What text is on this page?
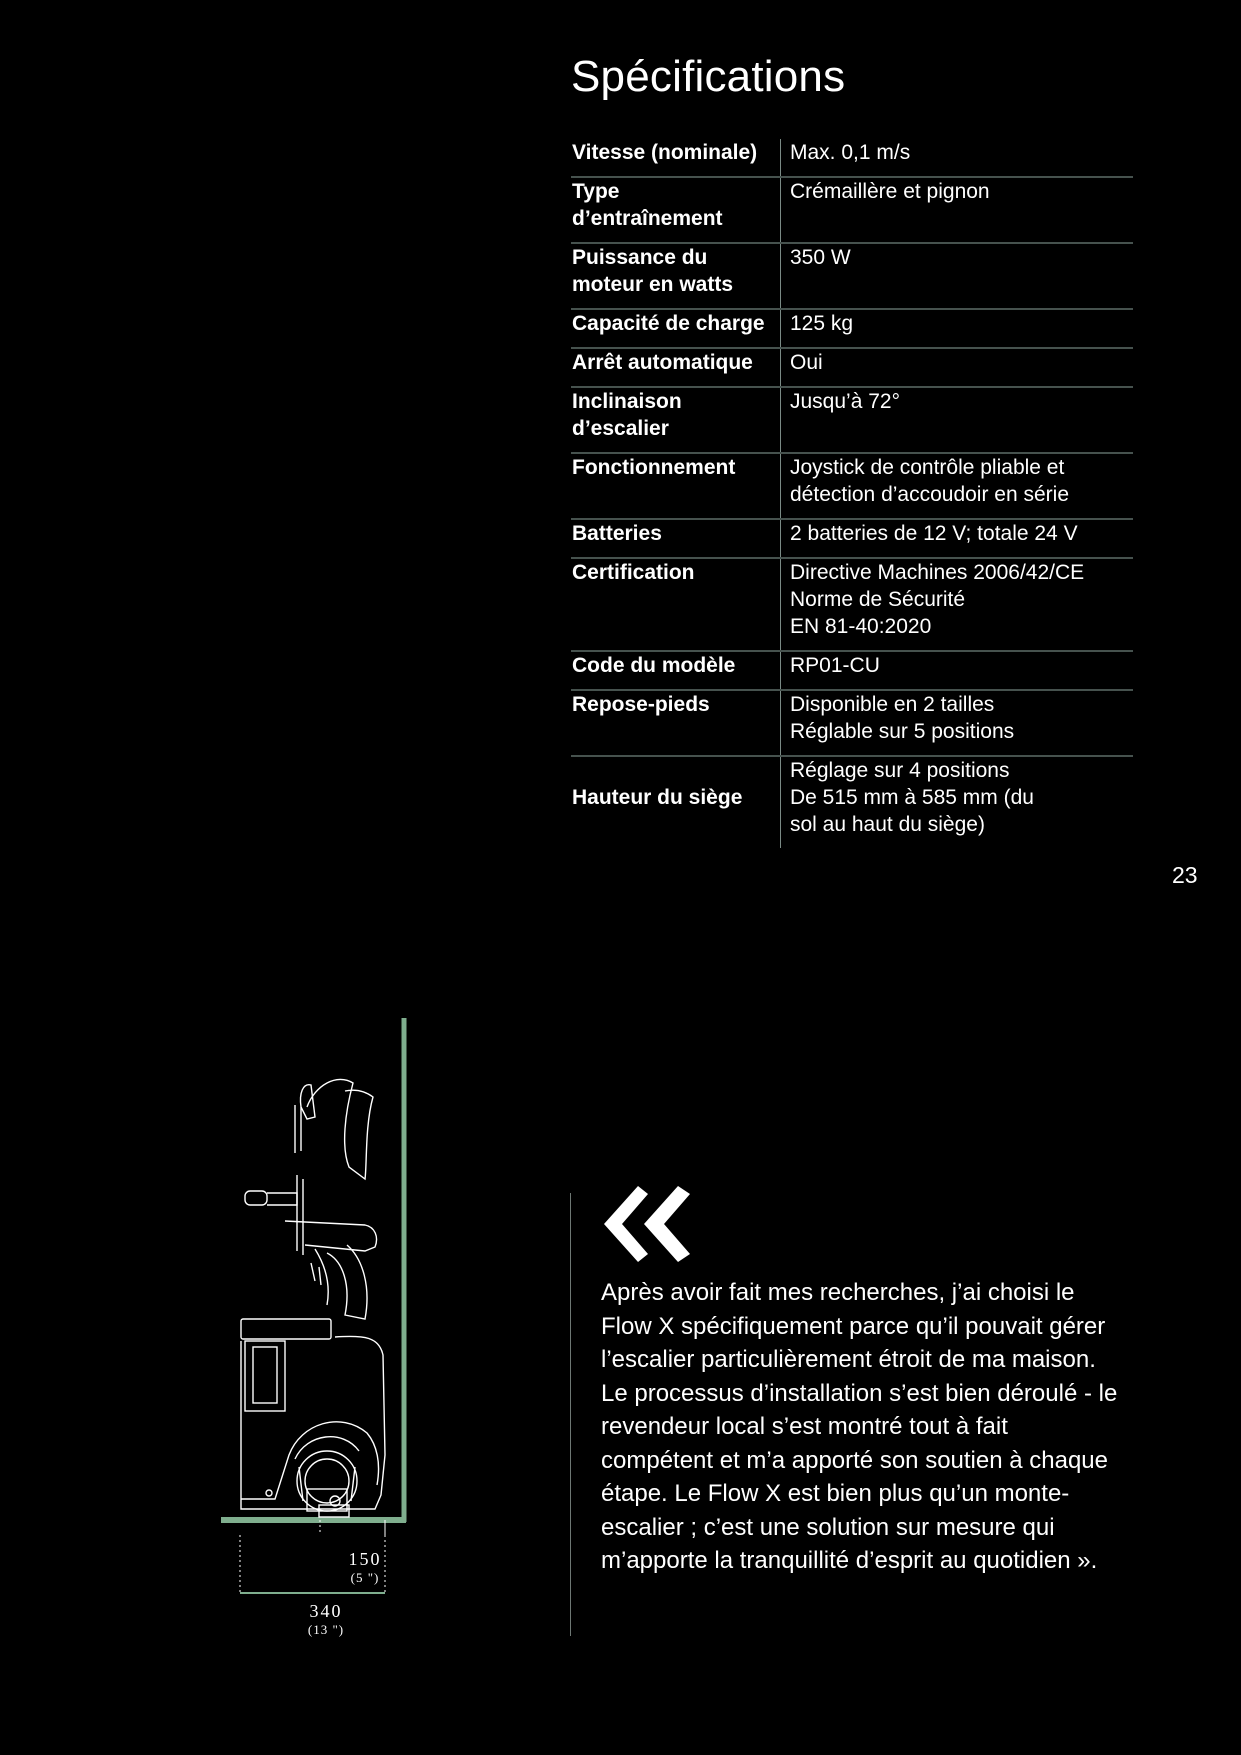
Spécifications
Vitesse (nominale)	Max. 0,1 m/s

Type d’entraînement	Crémaillère et pignon

Puissance du moteur en watts	350 W

Capacité de charge	125 kg

Arrêt automatique	Oui

Inclinaison d’escalier	Jusqu’à 72°

Fonctionnement	Joystick de contrôle pliable et détection d’accoudoir en série

Batteries	2 batteries de 12 V; totale 24 V

Certification	Directive Machines 2006/42/CE
Norme de Sécurité
EN 81-40:2020

Code du modèle	RP01-CU

Repose-pieds	Disponible en 2 tailles
Réglable sur 5 positions

Hauteur du siège	Réglage sur 4 positions
De 515 mm à 585 mm (du sol au haut du siège)
23
150
(5 ")
340
(13 ")

Après avoir fait mes recherches, j’ai choisi le Flow X spécifiquement parce qu’il pouvait gérer l’escalier particulièrement étroit de ma maison.

Le processus d’installation s’est bien déroulé - le revendeur local s’est montré tout à fait compétent et m’a apporté son soutien à chaque étape. Le Flow X est bien plus qu’un monte-escalier ; c’est une solution sur mesure qui m’apporte la tranquillité d’esprit au quotidien ».
